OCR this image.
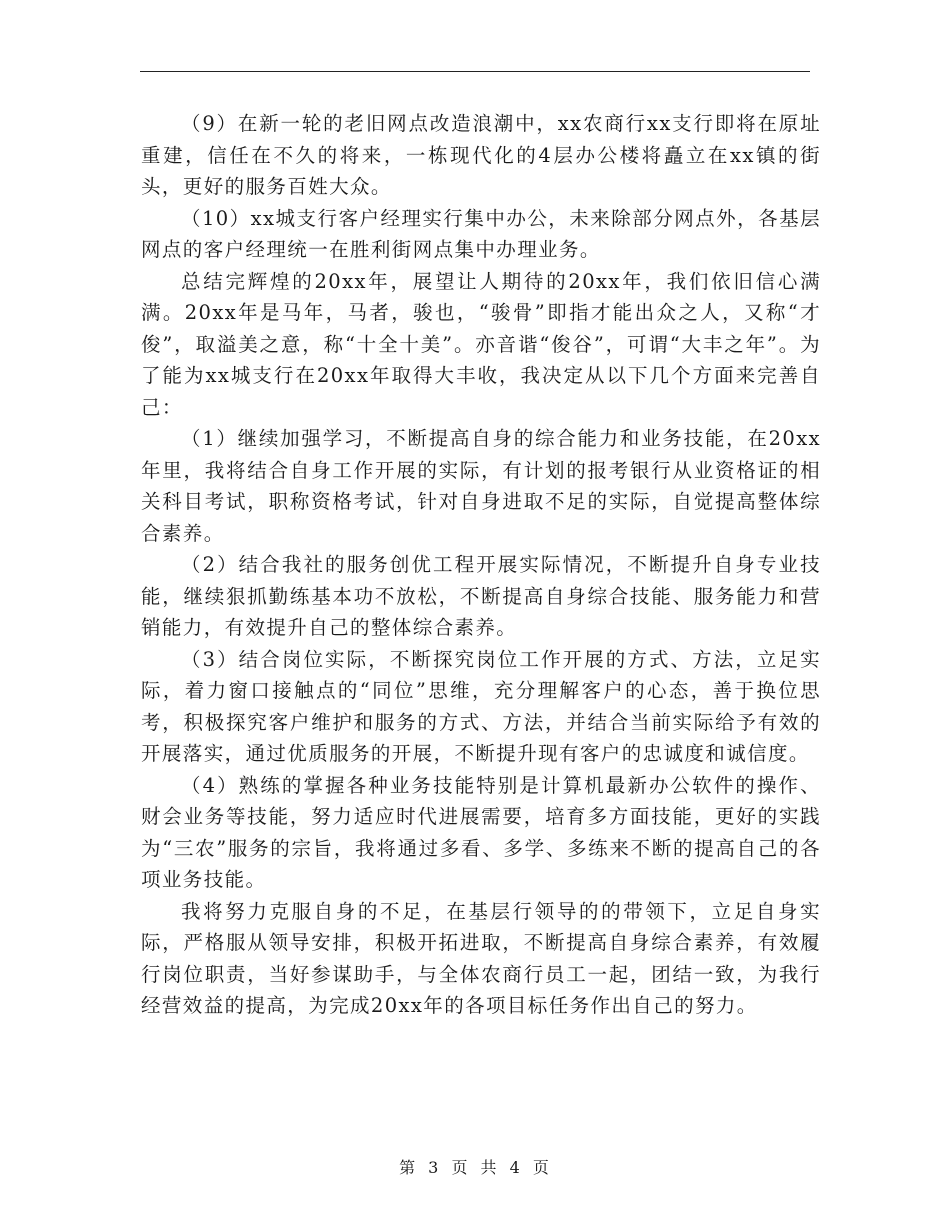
（9）在新一轮的老旧网点改造浪潮中，xx农商行xx支行即将在原址重建，信任在不久的将来，一栋现代化的4层办公楼将矗立在xx镇的街头，更好的服务百姓大众。

（10）xx城支行客户经理实行集中办公，未来除部分网点外，各基层网点的客户经理统一在胜利街网点集中办理业务。

总结完辉煌的20xx年，展望让人期待的20xx年，我们依旧信心满满。20xx年是马年，马者，骏也，“骏骨”即指才能出众之人，又称“才俊”，取溢美之意，称“十全十美”。亦音谐“俊谷”，可谓“大丰之年”。为了能为xx城支行在20xx年取得大丰收，我决定从以下几个方面来完善自己：

（1）继续加强学习，不断提高自身的综合能力和业务技能，在20xx年里，我将结合自身工作开展的实际，有计划的报考银行从业资格证的相关科目考试，职称资格考试，针对自身进取不足的实际，自觉提高整体综合素养。

（2）结合我社的服务创优工程开展实际情况，不断提升自身专业技能，继续狠抓勤练基本功不放松，不断提高自身综合技能、服务能力和营销能力，有效提升自己的整体综合素养。

（3）结合岗位实际，不断探究岗位工作开展的方式、方法，立足实际，着力窗口接触点的“同位”思维，充分理解客户的心态，善于换位思考，积极探究客户维护和服务的方式、方法，并结合当前实际给予有效的开展落实，通过优质服务的开展，不断提升现有客户的忠诚度和诚信度。

（4）熟练的掌握各种业务技能特别是计算机最新办公软件的操作、财会业务等技能，努力适应时代进展需要，培育多方面技能，更好的实践为“三农”服务的宗旨，我将通过多看、多学、多练来不断的提高自己的各项业务技能。

我将努力克服自身的不足，在基层行领导的的带领下，立足自身实际，严格服从领导安排，积极开拓进取，不断提高自身综合素养，有效履行岗位职责，当好参谋助手，与全体农商行员工一起，团结一致，为我行经营效益的提高，为完成20xx年的各项目标任务作出自己的努力。

第 3 页 共 4 页
